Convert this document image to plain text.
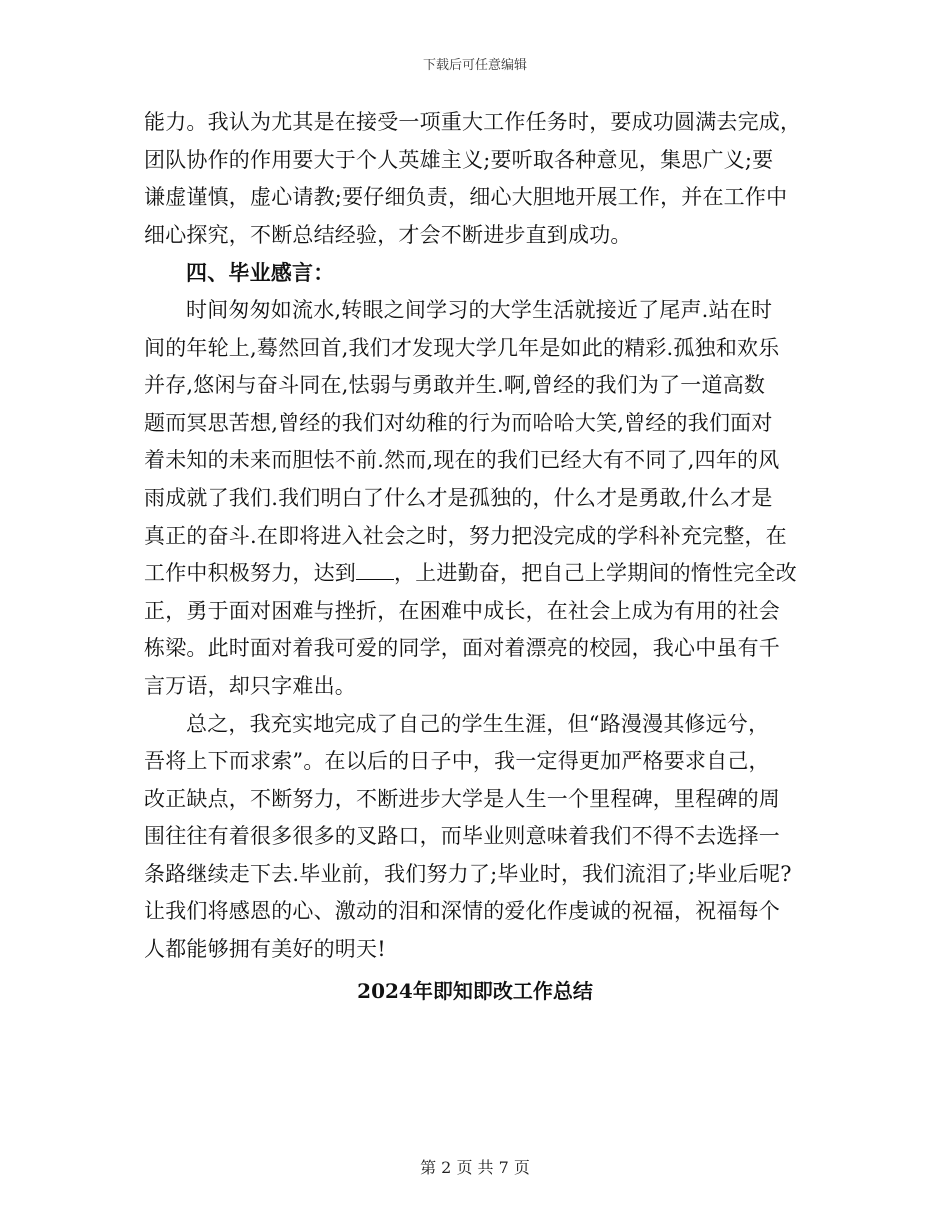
下载后可任意编辑
能力。我认为尤其是在接受一项重大工作任务时，要成功圆满去完成，
团队协作的作用要大于个人英雄主义;要听取各种意见，集思广义;要
谦虚谨慎，虚心请教;要仔细负责，细心大胆地开展工作，并在工作中
细心探究，不断总结经验，才会不断进步直到成功。
四、毕业感言：
时间匆匆如流水,转眼之间学习的大学生活就接近了尾声.站在时
间的年轮上,蓦然回首,我们才发现大学几年是如此的精彩.孤独和欢乐
并存,悠闲与奋斗同在,怯弱与勇敢并生.啊,曾经的我们为了一道高数
题而冥思苦想,曾经的我们对幼稚的行为而哈哈大笑,曾经的我们面对
着未知的未来而胆怯不前.然而,现在的我们已经大有不同了,四年的风
雨成就了我们.我们明白了什么才是孤独的，什么才是勇敢,什么才是
真正的奋斗.在即将进入社会之时，努力把没完成的学科补充完整，在
工作中积极努力，达到 ，上进勤奋，把自己上学期间的惰性完全改
正，勇于面对困难与挫折，在困难中成长，在社会上成为有用的社会
栋梁。此时面对着我可爱的同学，面对着漂亮的校园，我心中虽有千
言万语，却只字难出。
总之，我充实地完成了自己的学生生涯，但“路漫漫其修远兮，
吾将上下而求索”。在以后的日子中，我一定得更加严格要求自己，
改正缺点，不断努力，不断进步大学是人生一个里程碑，里程碑的周
围往往有着很多很多的叉路口，而毕业则意味着我们不得不去选择一
条路继续走下去.毕业前，我们努力了;毕业时，我们流泪了;毕业后呢?
让我们将感恩的心、激动的泪和深情的爱化作虔诚的祝福，祝福每个
人都能够拥有美好的明天!
2024年即知即改工作总结
第 2 页 共 7 页
